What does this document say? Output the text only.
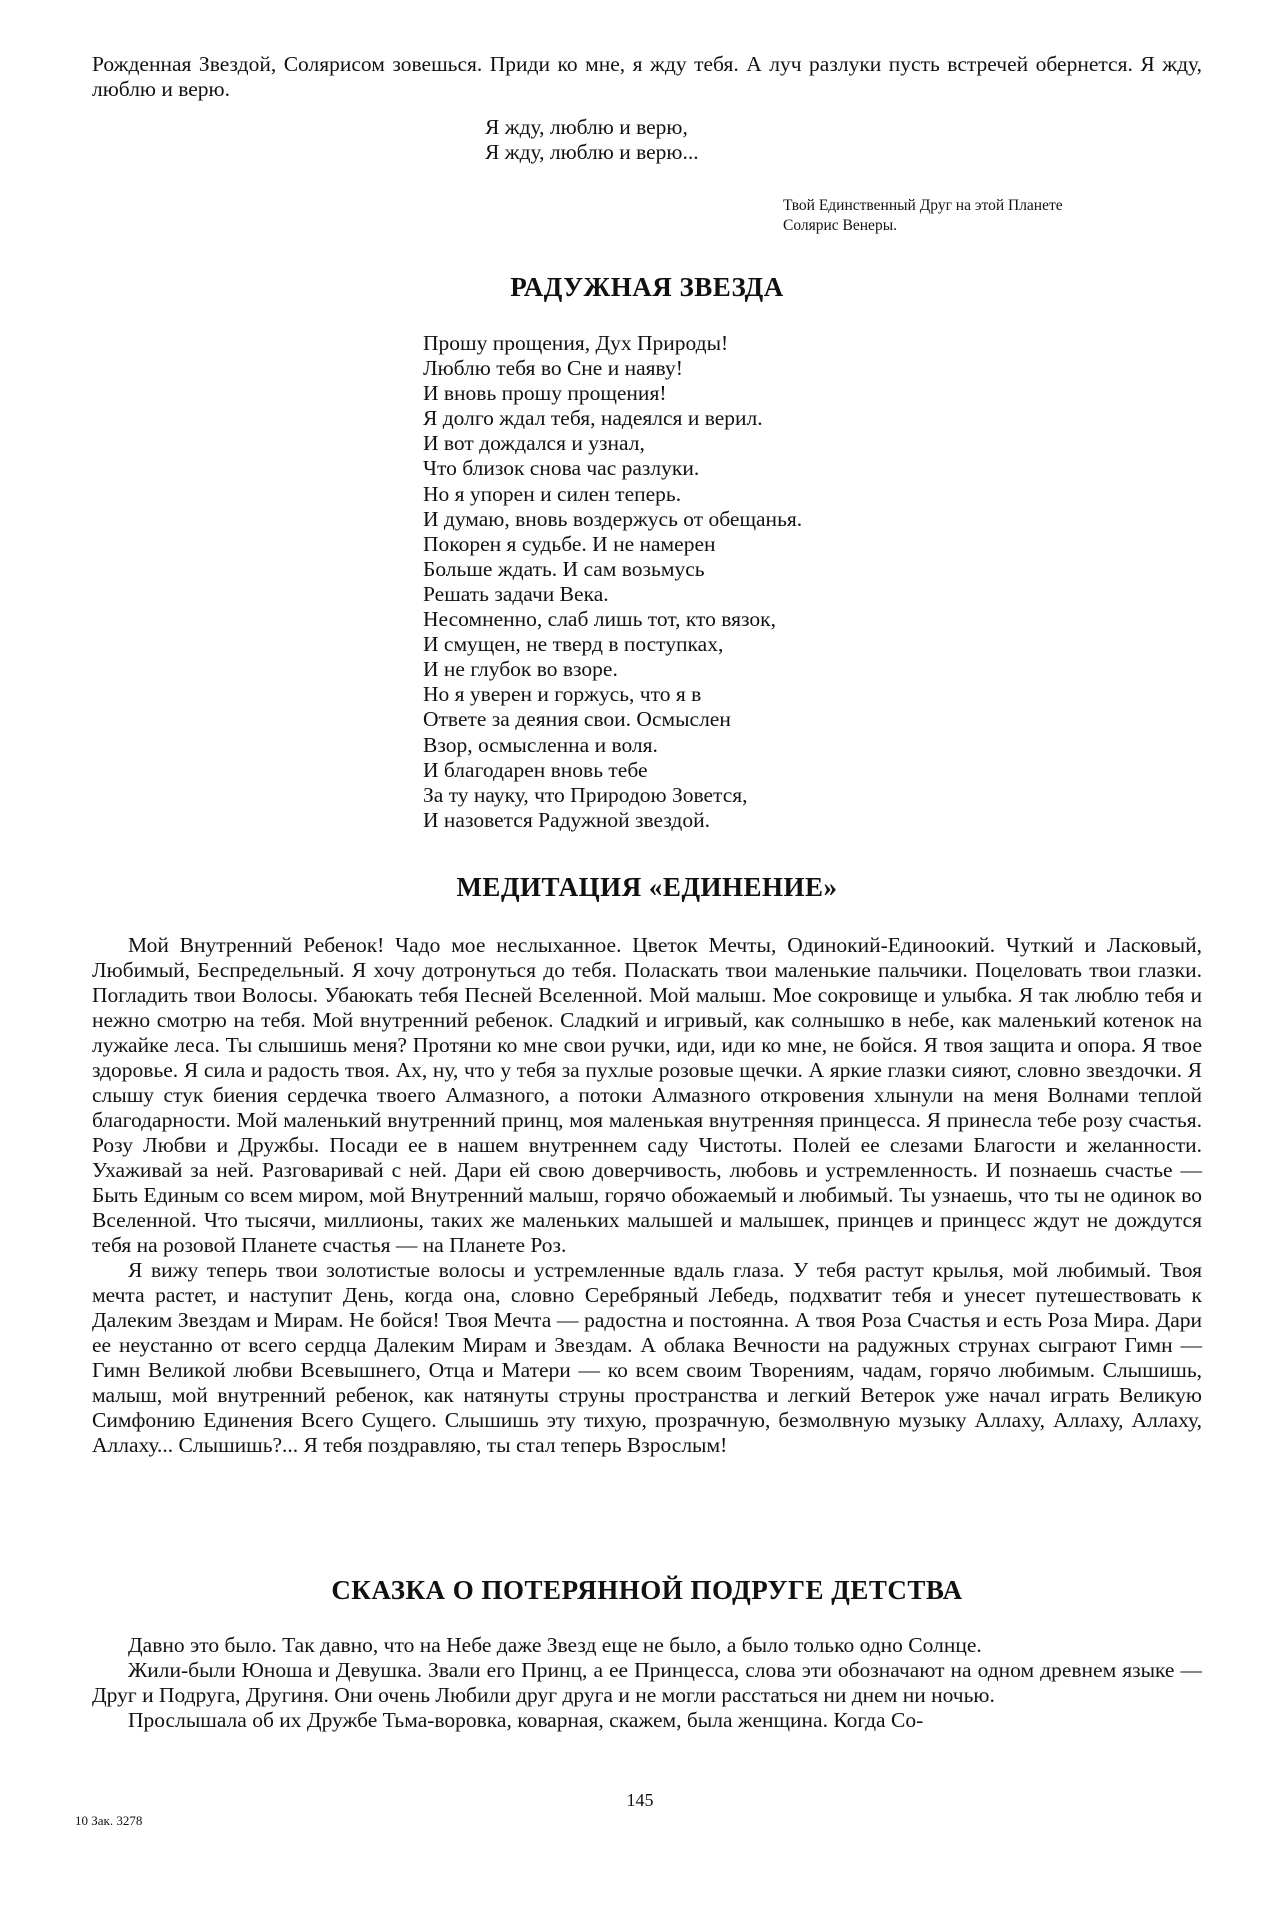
Рожденная Звездой, Солярисом зовешься. Приди ко мне, я жду тебя. А луч разлуки пусть встречей обернется. Я жду, люблю и верю.

Я жду, люблю и верю,
Я жду, люблю и верю...
Твой Единственный Друг на этой Планете
Солярис Венеры.
РАДУЖНАЯ ЗВЕЗДА
Прошу прощения, Дух Природы!
Люблю тебя во Сне и наяву!
И вновь прошу прощения!
Я долго ждал тебя, надеялся и верил.
И вот дождался и узнал,
Что близок снова час разлуки.
Но я упорен и силен теперь.
И думаю, вновь воздержусь от обещанья.
Покорен я судьбе. И не намерен
Больше ждать. И сам возьмусь
Решать задачи Века.
Несомненно, слаб лишь тот, кто вязок,
И смущен, не тверд в поступках,
И не глубок во взоре.
Но я уверен и горжусь, что я в
Ответе за деяния свои. Осмыслен
Взор, осмысленна и воля.
И благодарен вновь тебе
За ту науку, что Природою Зовется,
И назовется Радужной звездой.
МЕДИТАЦИЯ «ЕДИНЕНИЕ»

Мой Внутренний Ребенок! Чадо мое неслыханное. Цветок Мечты, Одинокий-Единоокий. Чуткий и Ласковый, Любимый, Беспредельный. Я хочу дотронуться до тебя. Поласкать твои маленькие пальчики. Поцеловать твои глазки. Погладить твои Волосы. Убаюкать тебя Песней Вселенной. Мой малыш. Мое сокровище и улыбка. Я так люблю тебя и нежно смотрю на тебя. Мой внутренний ребенок. Сладкий и игривый, как солнышко в небе, как маленький котенок на лужайке леса. Ты слышишь меня? Протяни ко мне свои ручки, иди, иди ко мне, не бойся. Я твоя защита и опора. Я твое здоровье. Я сила и радость твоя. Ах, ну, что у тебя за пухлые розовые щечки. А яркие глазки сияют, словно звездочки. Я слышу стук биения сердечка твоего Алмазного, а потоки Алмазного откровения хлынули на меня Волнами теплой благодарности. Мой маленький внутренний принц, моя маленькая внутренняя принцесса. Я принесла тебе розу счастья. Розу Любви и Дружбы. Посади ее в нашем внутреннем саду Чистоты. Полей ее слезами Благости и желанности. Ухаживай за ней. Разговаривай с ней. Дари ей свою доверчивость, любовь и устремленность. И познаешь счастье — Быть Единым со всем миром, мой Внутренний малыш, горячо обожаемый и любимый. Ты узнаешь, что ты не одинок во Вселенной. Что тысячи, миллионы, таких же маленьких малышей и малышек, принцев и принцесс ждут не дождутся тебя на розовой Планете счастья — на Планете Роз.

Я вижу теперь твои золотистые волосы и устремленные вдаль глаза. У тебя растут крылья, мой любимый. Твоя мечта растет, и наступит День, когда она, словно Серебряный Лебедь, подхватит тебя и унесет путешествовать к Далеким Звездам и Мирам. Не бойся! Твоя Мечта — радостна и постоянна. А твоя Роза Счастья и есть Роза Мира. Дари ее неустанно от всего сердца Далеким Мирам и Звездам. А облака Вечности на радужных струнах сыграют Гимн — Гимн Великой любви Всевышнего, Отца и Матери — ко всем своим Творениям, чадам, горячо любимым. Слышишь, малыш, мой внутренний ребенок, как натянуты струны пространства и легкий Ветерок уже начал играть Великую Симфонию Единения Всего Сущего. Слышишь эту тихую, прозрачную, безмолвную музыку Аллаху, Аллаху, Аллаху, Аллаху... Слышишь?... Я тебя поздравляю, ты стал теперь Взрослым!

СКАЗКА О ПОТЕРЯННОЙ ПОДРУГЕ ДЕТСТВА

Давно это было. Так давно, что на Небе даже Звезд еще не было, а было только одно Солнце.

Жили-были Юноша и Девушка. Звали его Принц, а ее Принцесса, слова эти обозначают на одном древнем языке — Друг и Подруга, Другиня. Они очень Любили друг друга и не могли расстаться ни днем ни ночью.

Прослышала об их Дружбе Тьма-воровка, коварная, скажем, была женщина. Когда Со-

145
10 Зак. 3278
